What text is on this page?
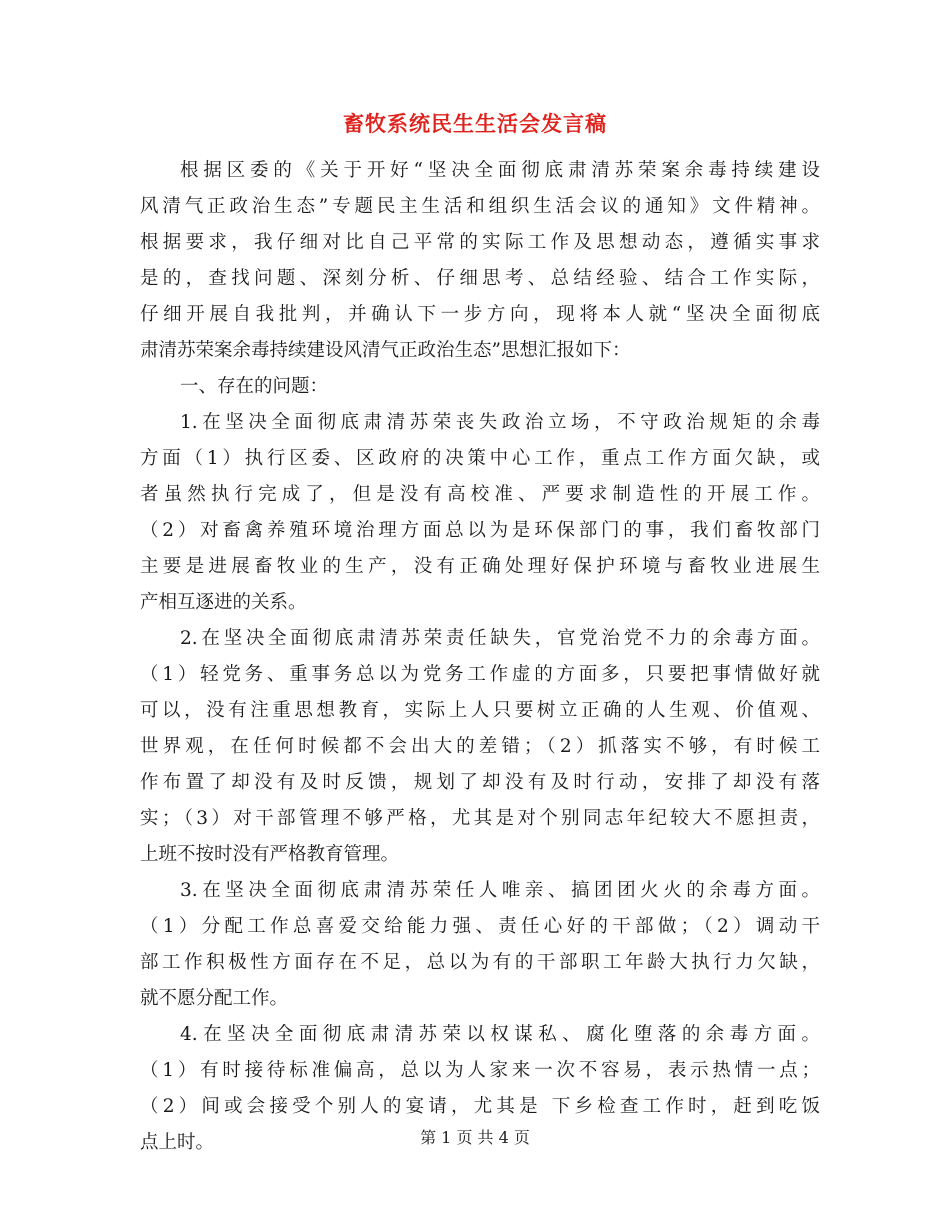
畜牧系统民生生活会发言稿
根据区委的《关于开好“坚决全面彻底肃清苏荣案余毒持续建设
风清气正政治生态”专题民主生活和组织生活会议的通知》文件精神。
根据要求，我仔细对比自己平常的实际工作及思想动态，遵循实事求
是的，查找问题、深刻分析、仔细思考、总结经验、结合工作实际，
仔细开展自我批判，并确认下一步方向，现将本人就“坚决全面彻底
肃清苏荣案余毒持续建设风清气正政治生态”思想汇报如下：
一、存在的问题：
1.在坚决全面彻底肃清苏荣丧失政治立场，不守政治规矩的余毒
方面（1）执行区委、区政府的决策中心工作，重点工作方面欠缺，或
者虽然执行完成了，但是没有高校准、严要求制造性的开展工作。
（2）对畜禽养殖环境治理方面总以为是环保部门的事，我们畜牧部门
主要是进展畜牧业的生产，没有正确处理好保护环境与畜牧业进展生
产相互逐进的关系。
2.在坚决全面彻底肃清苏荣责任缺失，官党治党不力的余毒方面。
（1）轻党务、重事务总以为党务工作虚的方面多，只要把事情做好就
可以，没有注重思想教育，实际上人只要树立正确的人生观、价值观、
世界观，在任何时候都不会出大的差错；（2）抓落实不够，有时候工
作布置了却没有及时反馈，规划了却没有及时行动，安排了却没有落
实；（3）对干部管理不够严格，尤其是对个别同志年纪较大不愿担责，
上班不按时没有严格教育管理。
3.在坚决全面彻底肃清苏荣任人唯亲、搞团团火火的余毒方面。
（1）分配工作总喜爱交给能力强、责任心好的干部做；（2）调动干
部工作积极性方面存在不足，总以为有的干部职工年龄大执行力欠缺，
就不愿分配工作。
4.在坚决全面彻底肃清苏荣以权谋私、腐化堕落的余毒方面。
（1）有时接待标准偏高，总以为人家来一次不容易，表示热情一点；
（2）间或会接受个别人的宴请，尤其是 下乡检查工作时，赶到吃饭
点上时。	第 1 页 共 4 页
